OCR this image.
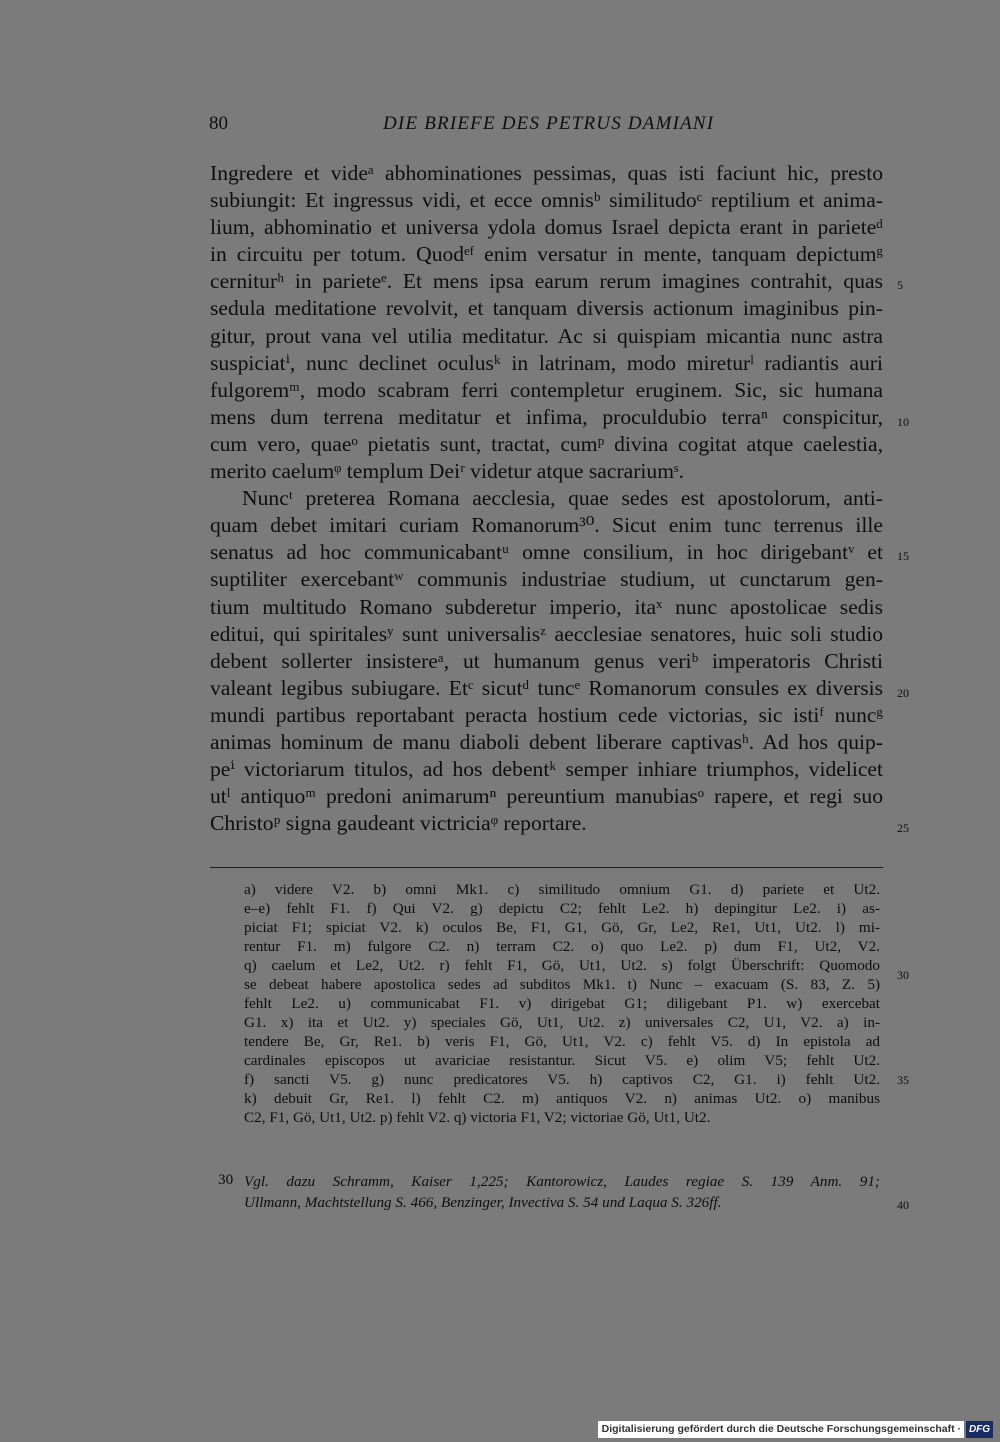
80	DIE BRIEFE DES PETRUS DAMIANI
Ingredere et videᵃ abhominationes pessimas, quas isti faciunt hic, presto
subiungit: Et ingressus vidi, et ecce omnisᵇ similitudoᶜ reptilium et anima-
lium, abhominatio et universa ydola domus Israel depicta erant in parieteᵈ
in circuitu per totum. Quodᵉᶠ enim versatur in mente, tanquam depictumᵍ
cerniturʰ in parieteᵉ. Et mens ipsa earum rerum imagines contrahit, quas
sedula meditatione revolvit, et tanquam diversis actionum imaginibus pin-
gitur, prout vana vel utilia meditatur. Ac si quispiam micantia nunc astra
suspiciatⁱ, nunc declinet oculusᵏ in latrinam, modo mireturˡ radiantis auri
fulgoremᵐ, modo scabram ferri contempletur eruginem. Sic, sic humana
mens dum terrena meditatur et infima, proculdubio terraⁿ conspicitur,
cum vero, quaeᵒ pietatis sunt, tractat, cumᵖ divina cogitat atque caelestia,
merito caelumᵠ templum Deiʳ videtur atque sacrariumˢ.
Nuncᵗ preterea Romana aecclesia, quae sedes est apostolorum, anti-
quam debet imitari curiam Romanorum³⁰. Sicut enim tunc terrenus ille
senatus ad hoc communicabantᵘ omne consilium, in hoc dirigebantᵛ et
suptiliter exercebantʷ communis industriae studium, ut cunctarum gen-
tium multitudo Romano subderetur imperio, itaˣ nunc apostolicae sedis
editui, qui spiritalesʸ sunt universalisᶻ aecclesiae senatores, huic soli studio
debent sollerter insistereᵃ, ut humanum genus veriᵇ imperatoris Christi
valeant legibus subiugare. Etᶜ sicutᵈ tuncᵉ Romanorum consules ex diversis
mundi partibus reportabant peracta hostium cede victorias, sic istiᶠ nuncᵍ
animas hominum de manu diaboli debent liberare captivasʰ. Ad hos quip-
peⁱ victoriarum titulos, ad hos debentᵏ semper inhiare triumphos, videlicet
utˡ antiquoᵐ predoni animarumⁿ pereuntium manubiasᵒ rapere, et regi suo
Christoᵖ signa gaudeant victriciaᵠ reportare.
5
10
15
20
25
a) videre V2. b) omni Mk1. c) similitudo omnium G1. d) pariete et Ut2.
e–e) fehlt F1. f) Qui V2. g) depictu C2; fehlt Le2. h) depingitur Le2. i) as-
piciat F1; spiciat V2. k) oculos Be, F1, G1, Gö, Gr, Le2, Re1, Ut1, Ut2. l) mi-
rentur F1. m) fulgore C2. n) terram C2. o) quo Le2. p) dum F1, Ut2, V2.
q) caelum et Le2, Ut2. r) fehlt F1, Gö, Ut1, Ut2. s) folgt Überschrift: Quomodo
se debeat habere apostolica sedes ad subditos Mk1. t) Nunc – exacuam (S. 83, Z. 5)
fehlt Le2. u) communicabat F1. v) dirigebat G1; diligebant P1. w) exercebat
G1. x) ita et Ut2. y) speciales Gö, Ut1, Ut2. z) universales C2, U1, V2. a) in-
tendere Be, Gr, Re1. b) veris F1, Gö, Ut1, V2. c) fehlt V5. d) In epistola ad
cardinales episcopos ut avariciae resistantur. Sicut V5. e) olim V5; fehlt Ut2.
f) sancti V5. g) nunc predicatores V5. h) captivos C2, G1. i) fehlt Ut2.
k) debuit Gr, Re1. l) fehlt C2. m) antiquos V2. n) animas Ut2. o) manibus
C2, F1, Gö, Ut1, Ut2. p) fehlt V2. q) victoria F1, V2; victoriae Gö, Ut1, Ut2.
30
35
30 Vgl. dazu Schramm, Kaiser 1,225; Kantorowicz, Laudes regiae S. 139 Anm. 91;
Ullmann, Machtstellung S. 466, Benzinger, Invectiva S. 54 und Laqua S. 326ff.	40
Digitalisierung gefördert durch die Deutsche Forschungsgemeinschaft · DFG
